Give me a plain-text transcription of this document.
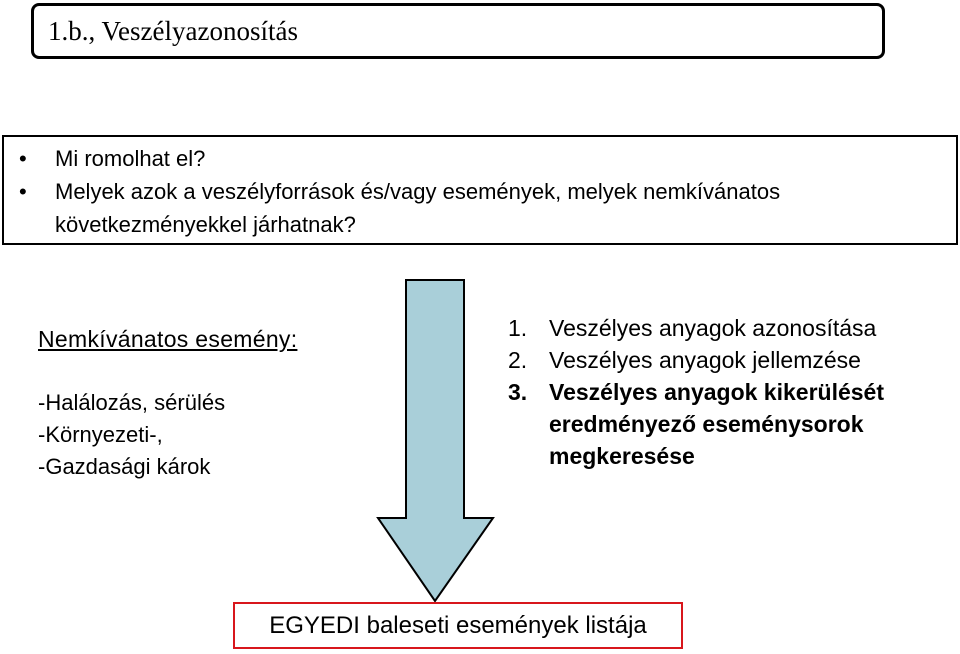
1.b., Veszélyazonosítás
• Mi romolhat el?
• Melyek azok a veszélyforrások és/vagy események, melyek nemkívánatos következményekkel járhatnak?
Nemkívánatos esemény:
-Halálozás, sérülés
-Környezeti-,
-Gazdasági károk
1. Veszélyes anyagok azonosítása
2. Veszélyes anyagok jellemzése
3. Veszélyes anyagok kikerülését eredményező eseménysorok megkeresése
EGYEDI baleseti események listája
